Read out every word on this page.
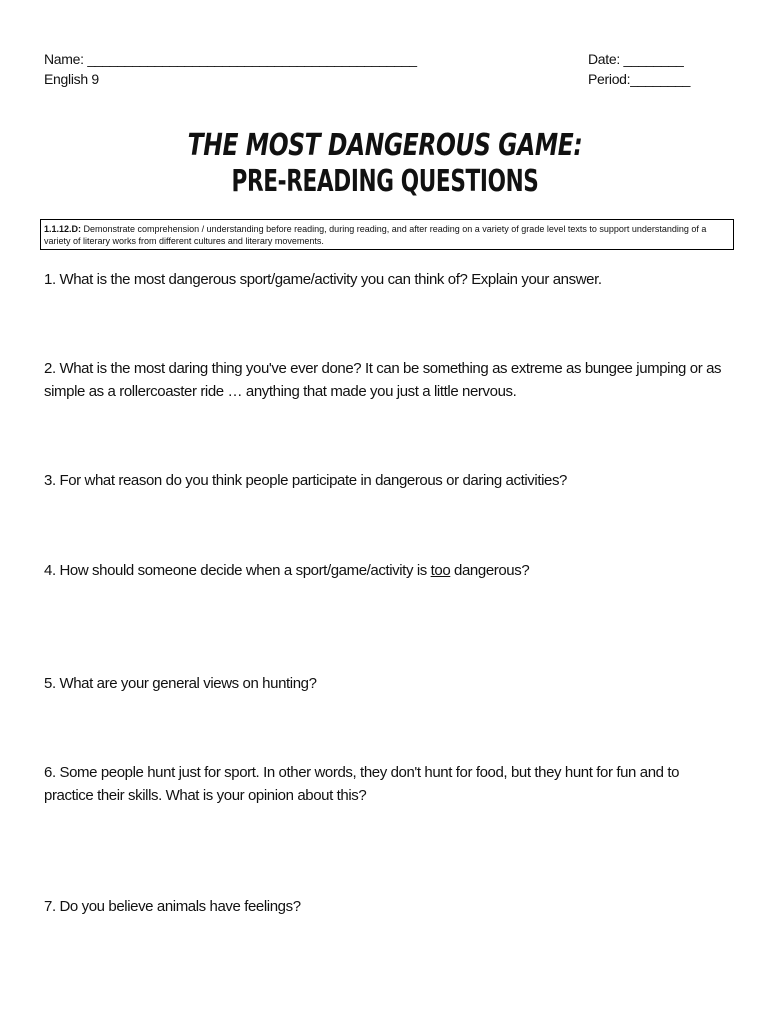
Name: ____________________________________________
English 9
Date: ________
Period:________
THE MOST DANGEROUS GAME:
PRE-READING QUESTIONS
1.1.12.D: Demonstrate comprehension / understanding before reading, during reading, and after reading on a variety of grade level texts to support understanding of a variety of literary works from different cultures and literary movements.
1. What is the most dangerous sport/game/activity you can think of? Explain your answer.
2. What is the most daring thing you've ever done? It can be something as extreme as bungee jumping or as simple as a rollercoaster ride … anything that made you just a little nervous.
3. For what reason do you think people participate in dangerous or daring activities?
4. How should someone decide when a sport/game/activity is too dangerous?
5. What are your general views on hunting?
6. Some people hunt just for sport. In other words, they don't hunt for food, but they hunt for fun and to practice their skills. What is your opinion about this?
7. Do you believe animals have feelings?
